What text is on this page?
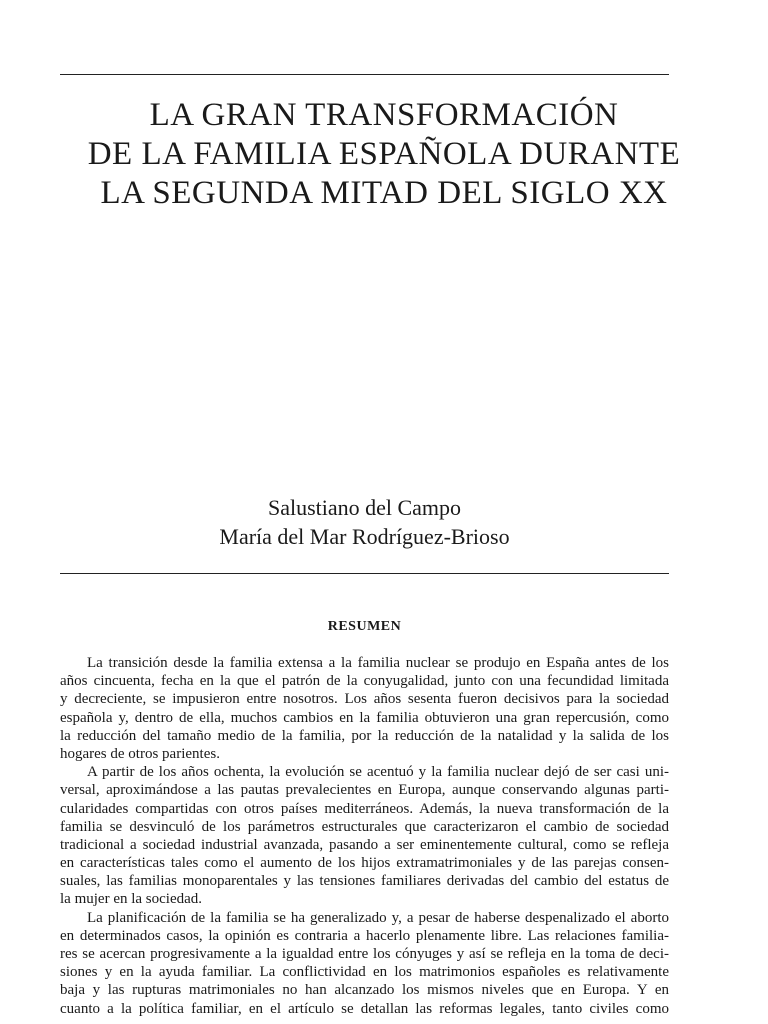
LA GRAN TRANSFORMACIÓN
DE LA FAMILIA ESPAÑOLA DURANTE
LA SEGUNDA MITAD DEL SIGLO XX
Salustiano del Campo
María del Mar Rodríguez-Brioso
RESUMEN
La transición desde la familia extensa a la familia nuclear se produjo en España antes de los
años cincuenta, fecha en la que el patrón de la conyugalidad, junto con una fecundidad limitada
y decreciente, se impusieron entre nosotros. Los años sesenta fueron decisivos para la sociedad
española y, dentro de ella, muchos cambios en la familia obtuvieron una gran repercusión, como
la reducción del tamaño medio de la familia, por la reducción de la natalidad y la salida de los
hogares de otros parientes.
A partir de los años ochenta, la evolución se acentuó y la familia nuclear dejó de ser casi uni-
versal, aproximándose a las pautas prevalecientes en Europa, aunque conservando algunas parti-
cularidades compartidas con otros países mediterráneos. Además, la nueva transformación de la
familia se desvinculó de los parámetros estructurales que caracterizaron el cambio de sociedad
tradicional a sociedad industrial avanzada, pasando a ser eminentemente cultural, como se refleja
en características tales como el aumento de los hijos extramatrimoniales y de las parejas consen-
suales, las familias monoparentales y las tensiones familiares derivadas del cambio del estatus de
la mujer en la sociedad.
La planificación de la familia se ha generalizado y, a pesar de haberse despenalizado el aborto
en determinados casos, la opinión es contraria a hacerlo plenamente libre. Las relaciones familia-
res se acercan progresivamente a la igualdad entre los cónyuges y así se refleja en la toma de deci-
siones y en la ayuda familiar. La conflictividad en los matrimonios españoles es relativamente
baja y las rupturas matrimoniales no han alcanzado los mismos niveles que en Europa. Y en
cuanto a la política familiar, en el artículo se detallan las reformas legales, tanto civiles como
